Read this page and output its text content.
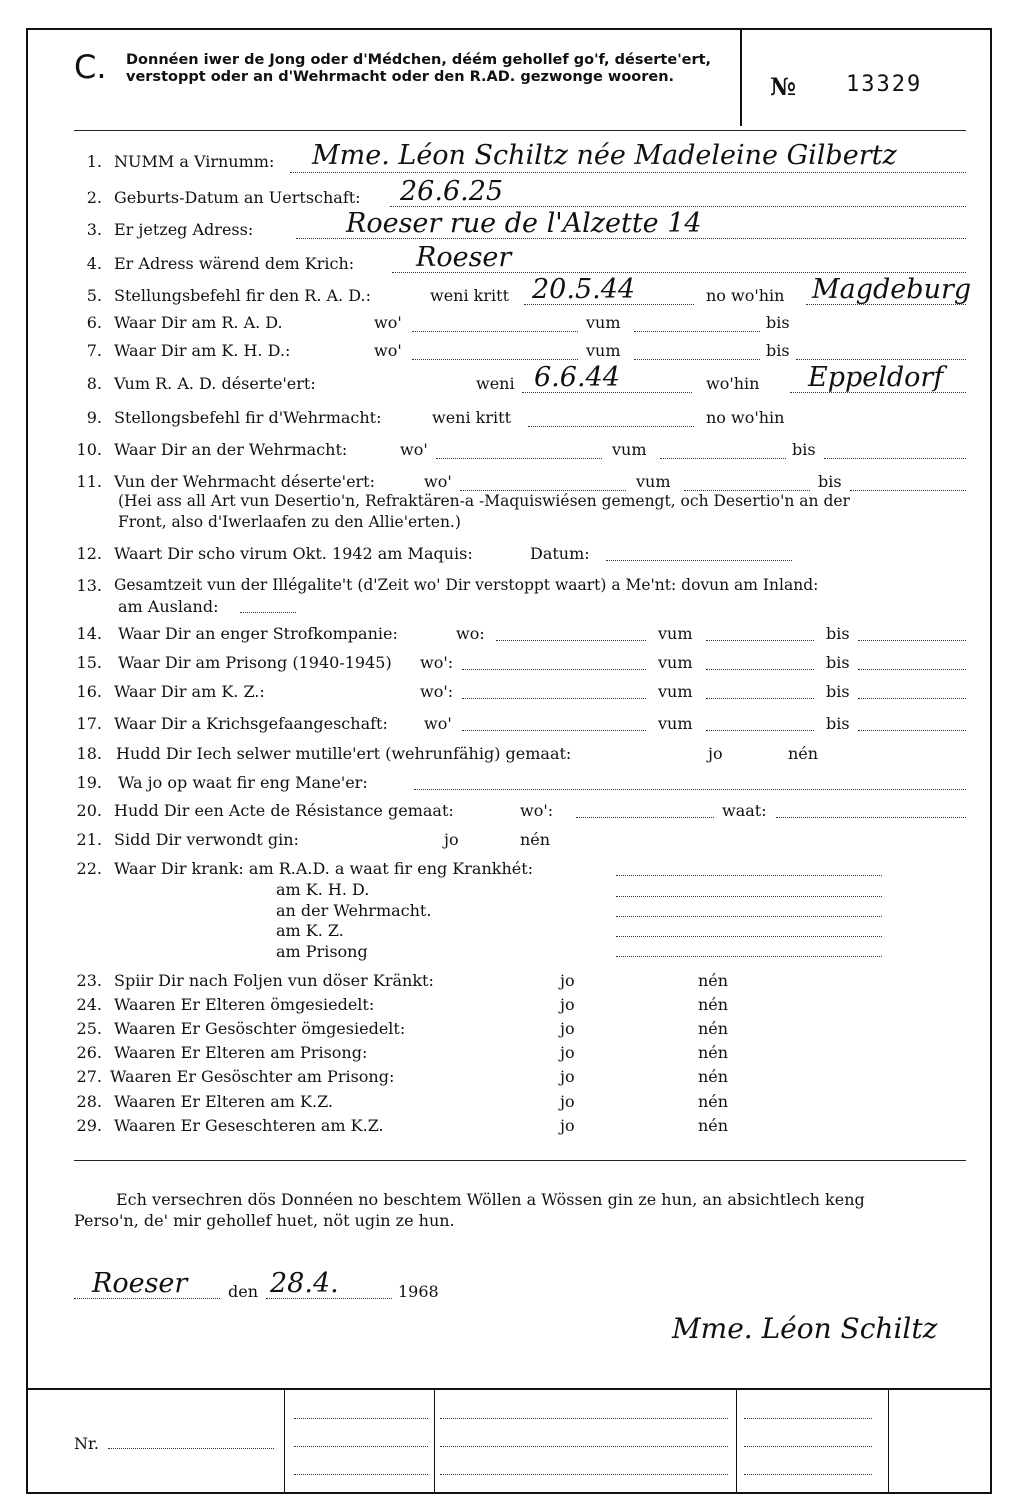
C. Donnéen iwer de Jong oder d'Médchen, déém gehollef go'f, déserte'ert, verstoppt oder an d'Wehrmacht oder den R.AD. gezwonge wooren.	№ 13329
1. NUMM a Virnumm: Mme. Léon Schiltz née Madeleine Gilbertz
2. Geburts-Datum an Uertschaft: 26.6.25
3. Er jetzeg Adress:	Roeser rue de l'Alzette 14
4. Er Adress wärend dem Krich: Roeser
5. Stellungsbefehl fir den R. A. D.:	weni kritt 20.5.44	no wo'hin Magdeburg
6. Waar Dir am R. A. D.	wo'	vum	bis
7. Waar Dir am K. H. D.:	wo'	vum	bis
8. Vum R. A. D. déserte'ert:	weni 6.6.44	wo'hin Eppeldorf
9. Stellongsbefehl fir d'Wehrmacht:	weni kritt	no wo'hin
10. Waar Dir an der Wehrmacht:	wo'	vum	bis
11. Vun der Wehrmacht déserte'ert:	wo'	vum	bis
(Hei ass all Art vun Desertio'n, Refraktären-a -Maquiswiésen gemengt, och Desertio'n an der
Front, also d'Iwerlaafen zu den Allie'erten.)
12. Waart Dir scho virum Okt. 1942 am Maquis:	Datum:
13. Gesamtzeit vun der Illégalite't (d'Zeit wo' Dir verstoppt waart) a Me'nt: dovun am Inland:
am Ausland:
14. Waar Dir an enger Strofkompanie:	wo:	vum	bis
15. Waar Dir am Prisong (1940-1945) wo':	vum	bis
16. Waar Dir am K. Z.:	wo':	vum	bis
17. Waar Dir a Krichsgefaangeschaft: wo'	vum	bis
18. Hudd Dir Iech selwer mutille'ert (wehrunfähig) gemaat:	jo	nén
19. Wa jo op waat fir eng Mane'er:
20. Hudd Dir een Acte de Résistance gemaat:	wo':	waat:
21. Sidd Dir verwondt gin:	jo	nén
22. Waar Dir krank: am R.A.D. a waat fir eng Krankhét:
am K. H. D.
an der Wehrmacht.
am K. Z.
am Prisong
23. Spiir Dir nach Foljen vun döser Kränkt:	jo	nén
24. Waaren Er Elteren ömgesiedelt:	jo	nén
25. Waaren Er Gesöschter ömgesiedelt:	jo	nén
26. Waaren Er Elteren am Prisong:	jo	nén
27. Waaren Er Gesöschter am Prisong:	jo	nén
28. Waaren Er Elteren am K.Z.	jo	nén
29. Waaren Er Geseschteren am K.Z.	jo	nén
Ech versechren dös Donnéen no beschtem Wöllen a Wössen gin ze hun, an absichtlech keng
Perso'n, de' mir gehollef huet, nöt ugin ze hun.
Roeser	den 28.4.	1968
Mme. Léon Schiltz
Nr.
